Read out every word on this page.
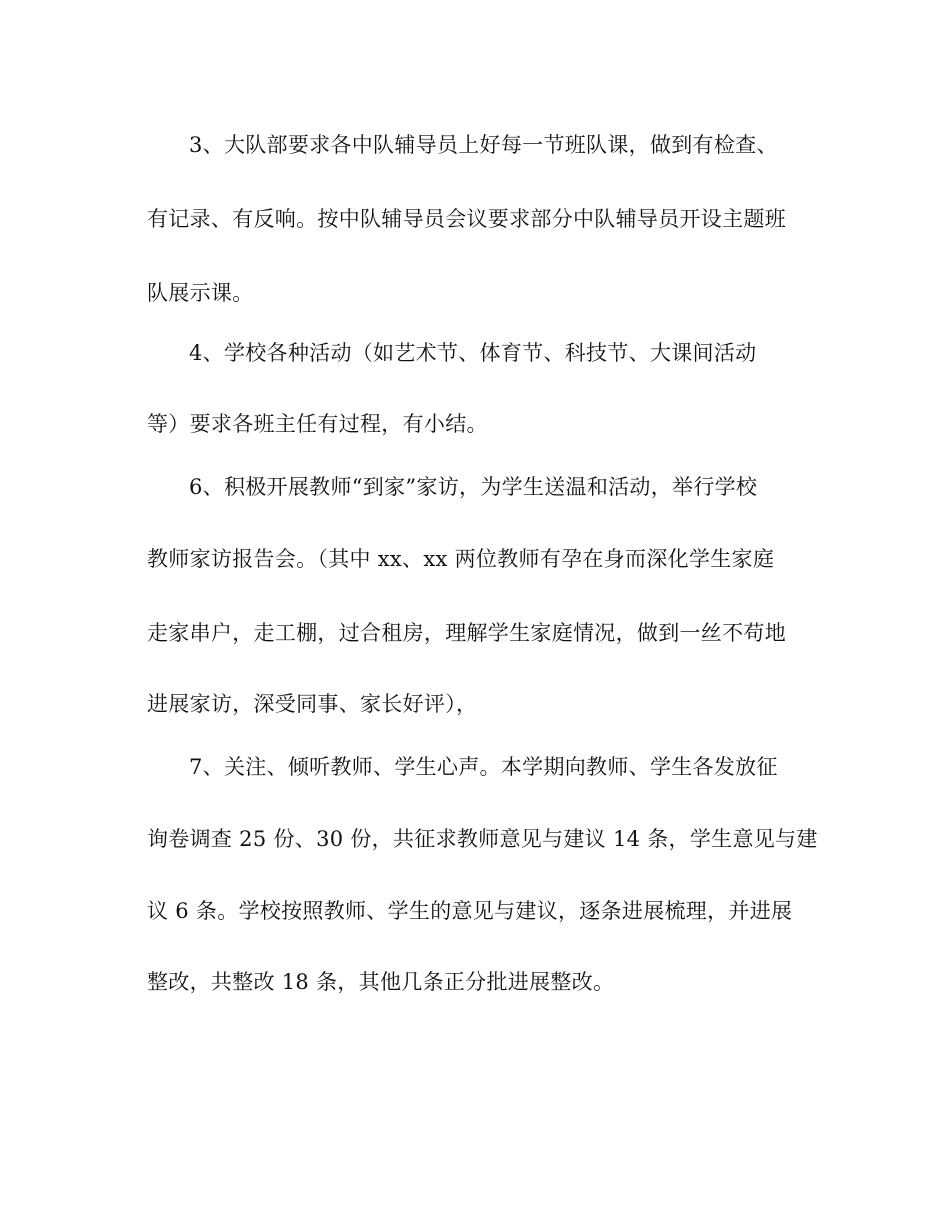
3、大队部要求各中队辅导员上好每一节班队课，做到有检查、
有记录、有反响。按中队辅导员会议要求部分中队辅导员开设主题班
队展示课。
4、学校各种活动（如艺术节、体育节、科技节、大课间活动
等）要求各班主任有过程，有小结。
6、积极开展教师“到家”家访，为学生送温和活动，举行学校
教师家访报告会。（其中 xx、xx 两位教师有孕在身而深化学生家庭
走家串户，走工棚，过合租房，理解学生家庭情况，做到一丝不苟地
进展家访，深受同事、家长好评），
7、关注、倾听教师、学生心声。本学期向教师、学生各发放征
询卷调查 25 份、30 份，共征求教师意见与建议 14 条，学生意见与建
议 6 条。学校按照教师、学生的意见与建议，逐条进展梳理，并进展
整改，共整改 18 条，其他几条正分批进展整改。
